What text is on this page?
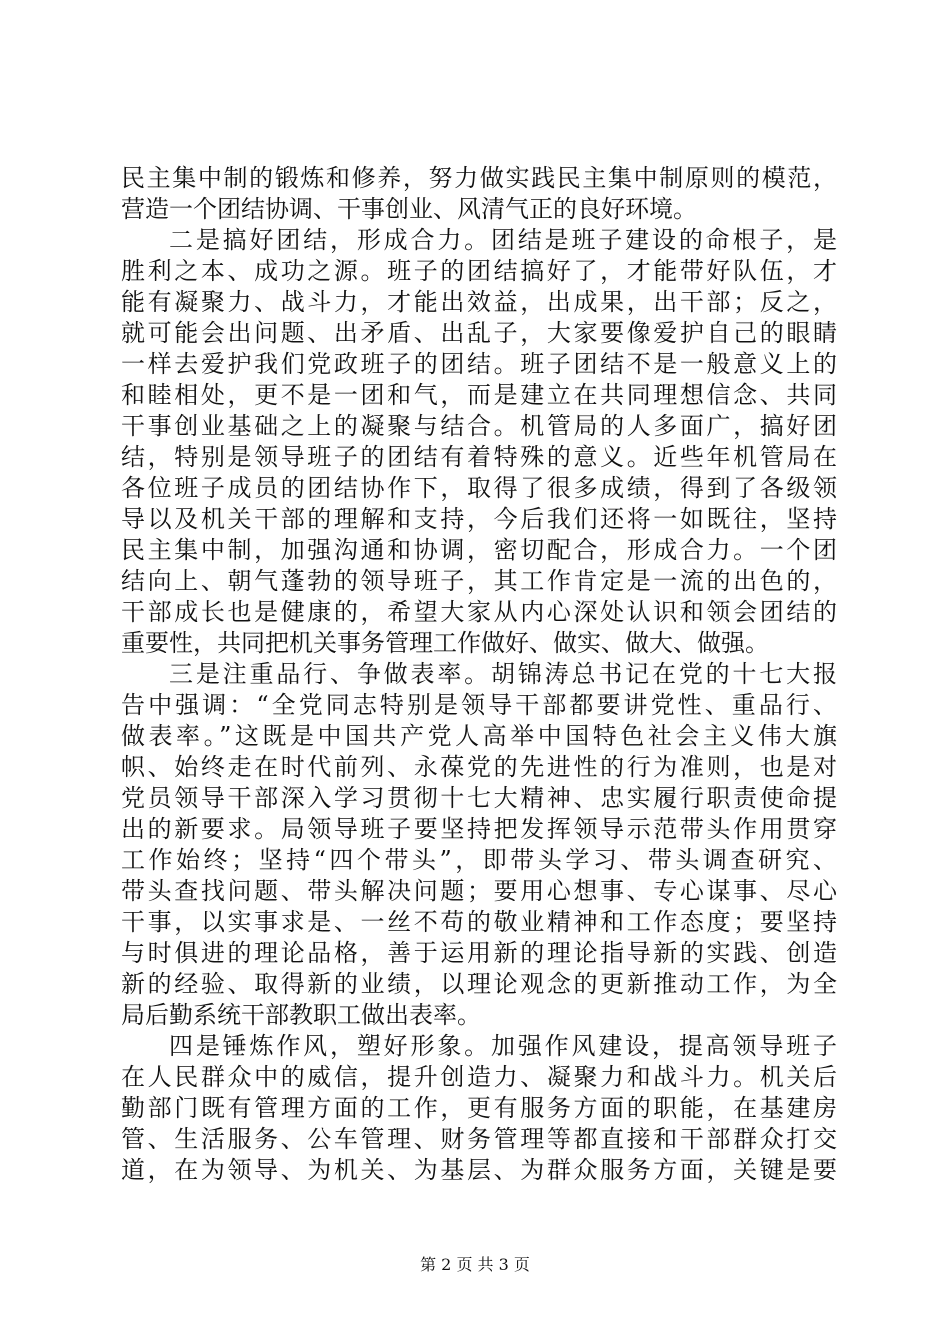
民主集中制的锻炼和修养，努力做实践民主集中制原则的模范，
营造一个团结协调、干事创业、风清气正的良好环境。
二是搞好团结，形成合力。团结是班子建设的命根子，是
胜利之本、成功之源。班子的团结搞好了，才能带好队伍，才
能有凝聚力、战斗力，才能出效益，出成果，出干部；反之，
就可能会出问题、出矛盾、出乱子，大家要像爱护自己的眼睛
一样去爱护我们党政班子的团结。班子团结不是一般意义上的
和睦相处，更不是一团和气，而是建立在共同理想信念、共同
干事创业基础之上的凝聚与结合。机管局的人多面广，搞好团
结，特别是领导班子的团结有着特殊的意义。近些年机管局在
各位班子成员的团结协作下，取得了很多成绩，得到了各级领
导以及机关干部的理解和支持，今后我们还将一如既往，坚持
民主集中制，加强沟通和协调，密切配合，形成合力。一个团
结向上、朝气蓬勃的领导班子，其工作肯定是一流的出色的，
干部成长也是健康的，希望大家从内心深处认识和领会团结的
重要性，共同把机关事务管理工作做好、做实、做大、做强。
三是注重品行、争做表率。胡锦涛总书记在党的十七大报
告中强调：“全党同志特别是领导干部都要讲党性、重品行、
做表率。”这既是中国共产党人高举中国特色社会主义伟大旗
帜、始终走在时代前列、永葆党的先进性的行为准则，也是对
党员领导干部深入学习贯彻十七大精神、忠实履行职责使命提
出的新要求。局领导班子要坚持把发挥领导示范带头作用贯穿
工作始终；坚持“四个带头”，即带头学习、带头调查研究、
带头查找问题、带头解决问题；要用心想事、专心谋事、尽心
干事，以实事求是、一丝不苟的敬业精神和工作态度；要坚持
与时俱进的理论品格，善于运用新的理论指导新的实践、创造
新的经验、取得新的业绩，以理论观念的更新推动工作，为全
局后勤系统干部教职工做出表率。
四是锤炼作风，塑好形象。加强作风建设，提高领导班子
在人民群众中的威信，提升创造力、凝聚力和战斗力。机关后
勤部门既有管理方面的工作，更有服务方面的职能，在基建房
管、生活服务、公车管理、财务管理等都直接和干部群众打交
道，在为领导、为机关、为基层、为群众服务方面，关键是要
第 2 页 共 3 页
